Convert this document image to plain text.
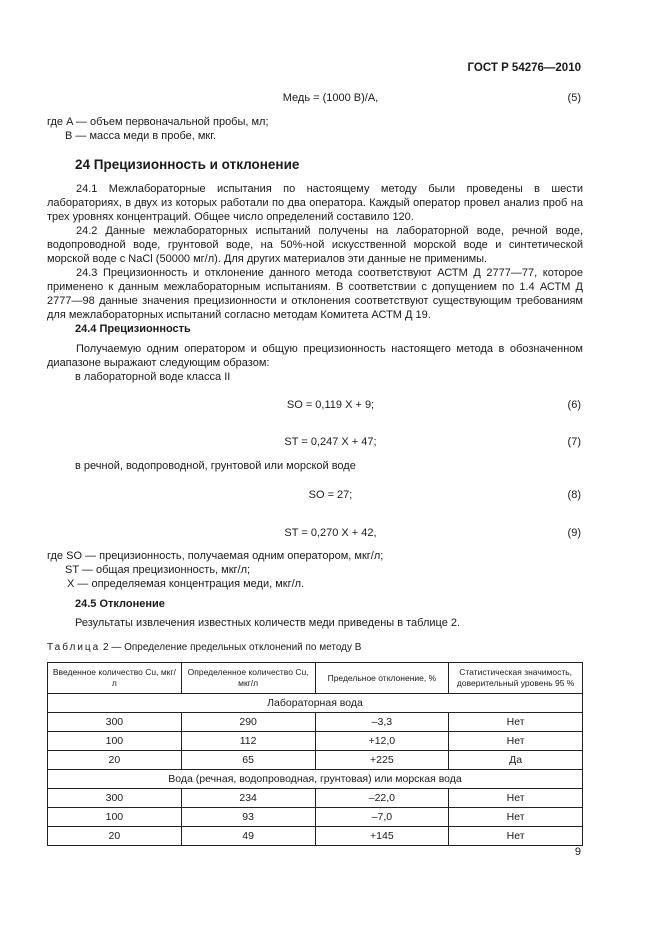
ГОСТ Р 54276—2010
Медь = (1000 B)/A,	(5)
где A — объем первоначальной пробы, мл;
B — масса меди в пробе, мкг.
24 Прецизионность и отклонение
24.1 Межлабораторные испытания по настоящему методу были проведены в шести лабораториях, в двух из которых работали по два оператора. Каждый оператор провел анализ проб на трех уровнях концентраций. Общее число определений составило 120.
24.2 Данные межлабораторных испытаний получены на лабораторной воде, речной воде, водопроводной воде, грунтовой воде, на 50%-ной искусственной морской воде и синтетической морской воде с NaCl (50000 мг/л). Для других материалов эти данные не применимы.
24.3 Прецизионность и отклонение данного метода соответствуют АСТМ Д 2777—77, которое применено к данным межлабораторным испытаниям. В соответствии с допущением по 1.4 АСТМ Д 2777—98 данные значения прецизионности и отклонения соответствуют существующим требованиям для межлабораторных испытаний согласно методам Комитета АСТМ Д 19.
24.4 Прецизионность
Получаемую одним оператором и общую прецизионность настоящего метода в обозначенном диапазоне выражают следующим образом:
в лабораторной воде класса II
SO = 0,119 X + 9;	(6)
ST = 0,247 X + 47;	(7)
в речной, водопроводной, грунтовой или морской воде
SO = 27;	(8)
ST = 0,270 X + 42,	(9)
где SO — прецизионность, получаемая одним оператором, мкг/л;
ST — общая прецизионность, мкг/л;
X — определяемая концентрация меди, мкг/л.
24.5 Отклонение
Результаты извлечения известных количеств меди приведены в таблице 2.
Таблица 2 — Определение предельных отклонений по методу В
Введенное количество Cu, мкг/л	Определенное количество Cu, мкг/л	Предельное отклонение, %	Статистическая значимость, доверительный уровень 95 %
Лабораторная вода			
300	290	–3,3	Нет
100	112	+12,0	Нет
20	65	+225	Да
Вода (речная, водопроводная, грунтовая) или морская вода			
300	234	–22,0	Нет
100	93	–7,0	Нет
20	49	+145	Нет
9
